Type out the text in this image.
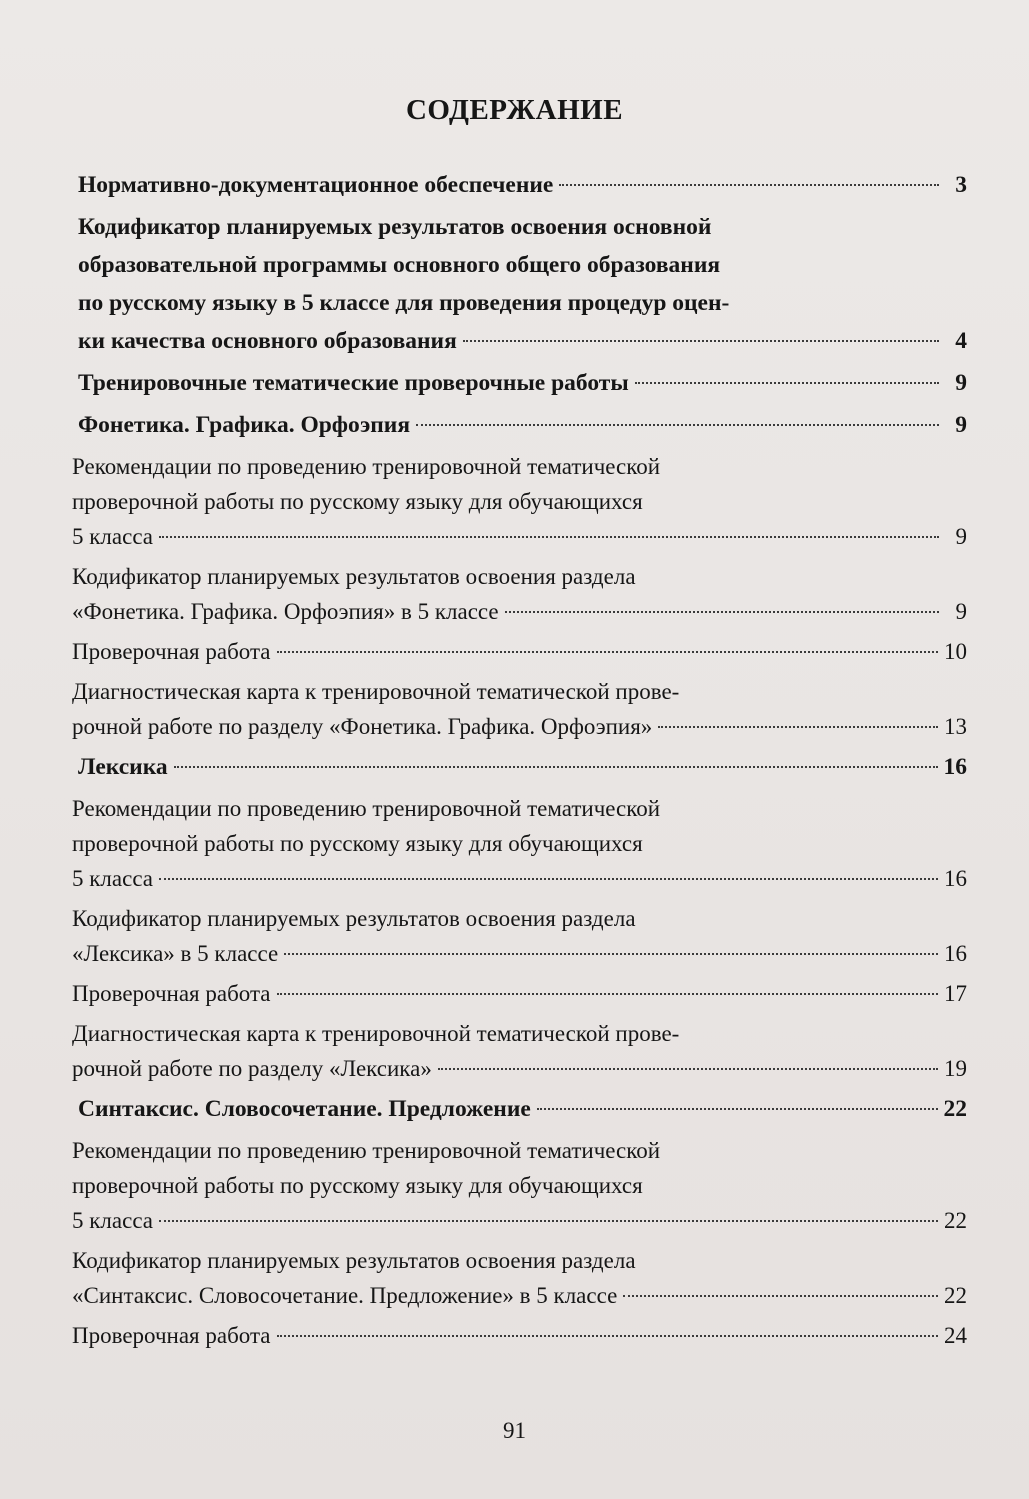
СОДЕРЖАНИЕ
Нормативно-документационное обеспечение	3
Кодификатор планируемых результатов освоения основной
образовательной программы основного общего образования
по русскому языку в 5 классе для проведения процедур оцен-
ки качества основного образования	4
Тренировочные тематические проверочные работы	9
Фонетика. Графика. Орфоэпия	9
Рекомендации по проведению тренировочной тематической
проверочной работы по русскому языку для обучающихся
5 класса	9
Кодификатор планируемых результатов освоения раздела
«Фонетика. Графика. Орфоэпия» в 5 классе	9
Проверочная работа	10
Диагностическая карта к тренировочной тематической прове-
рочной работе по разделу «Фонетика. Графика. Орфоэпия»	13
Лексика	16
Рекомендации по проведению тренировочной тематической
проверочной работы по русскому языку для обучающихся
5 класса	16
Кодификатор планируемых результатов освоения раздела
«Лексика» в 5 классе	16
Проверочная работа	17
Диагностическая карта к тренировочной тематической прове-
рочной работе по разделу «Лексика»	19
Синтаксис. Словосочетание. Предложение	22
Рекомендации по проведению тренировочной тематической
проверочной работы по русскому языку для обучающихся
5 класса	22
Кодификатор планируемых результатов освоения раздела
«Синтаксис. Словосочетание. Предложение» в 5 классе	22
Проверочная работа	24
91
